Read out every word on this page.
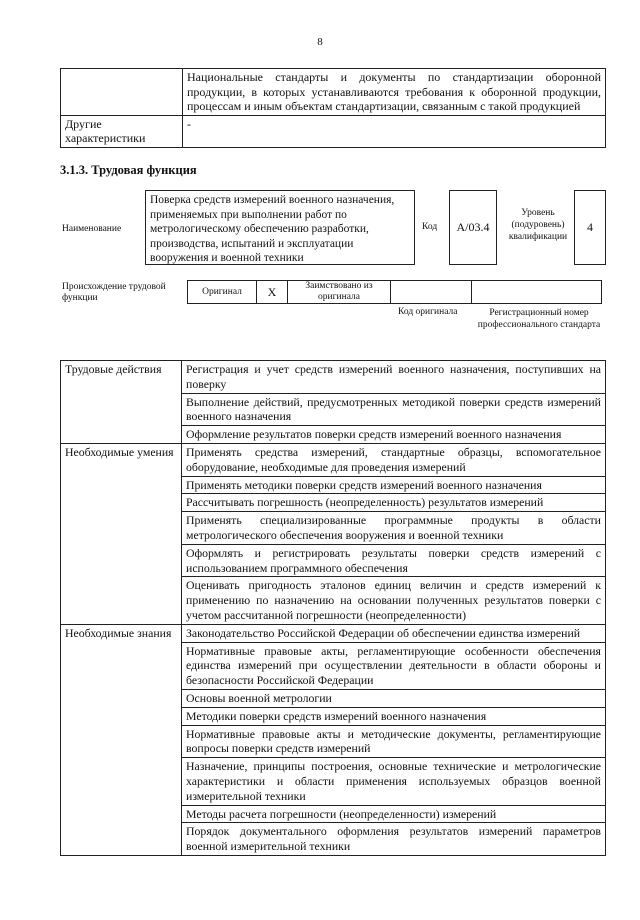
8
	Национальные стандарты и документы по стандартизации оборонной продукции, в которых устанавливаются требования к оборонной продукции, процессам и иным объектам стандартизации, связанным с такой продукцией
Другие характеристики	-
3.1.3. Трудовая функция
Наименование
Поверка средств измерений военного назначения, применяемых при выполнении работ по метрологическому обеспечению разработки, производства, испытаний и эксплуатации вооружения и военной техники
Код	А/03.4
Уровень (подуровень) квалификации
4
Происхождение трудовой функции
Оригинал	X	Заимствовано из оригинала
Код оригинала	Регистрационный номер профессионального стандарта
Трудовые действия	Регистрация и учет средств измерений военного назначения, поступивших на поверку
	Выполнение действий, предусмотренных методикой поверки средств измерений военного назначения
	Оформление результатов поверки средств измерений военного назначения
Необходимые умения	Применять средства измерений, стандартные образцы, вспомогательное оборудование, необходимые для проведения измерений
	Применять методики поверки средств измерений военного назначения
	Рассчитывать погрешность (неопределенность) результатов измерений
	Применять специализированные программные продукты в области метрологического обеспечения вооружения и военной техники
	Оформлять и регистрировать результаты поверки средств измерений с использованием программного обеспечения
	Оценивать пригодность эталонов единиц величин и средств измерений к применению по назначению на основании полученных результатов поверки с учетом рассчитанной погрешности (неопределенности)
Необходимые знания	Законодательство Российской Федерации об обеспечении единства измерений
	Нормативные правовые акты, регламентирующие особенности обеспечения единства измерений при осуществлении деятельности в области обороны и безопасности Российской Федерации
	Основы военной метрологии
	Методики поверки средств измерений военного назначения
	Нормативные правовые акты и методические документы, регламентирующие вопросы поверки средств измерений
	Назначение, принципы построения, основные технические и метрологические характеристики и области применения используемых образцов военной измерительной техники
	Методы расчета погрешности (неопределенности) измерений
	Порядок документального оформления результатов измерений параметров военной измерительной техники
